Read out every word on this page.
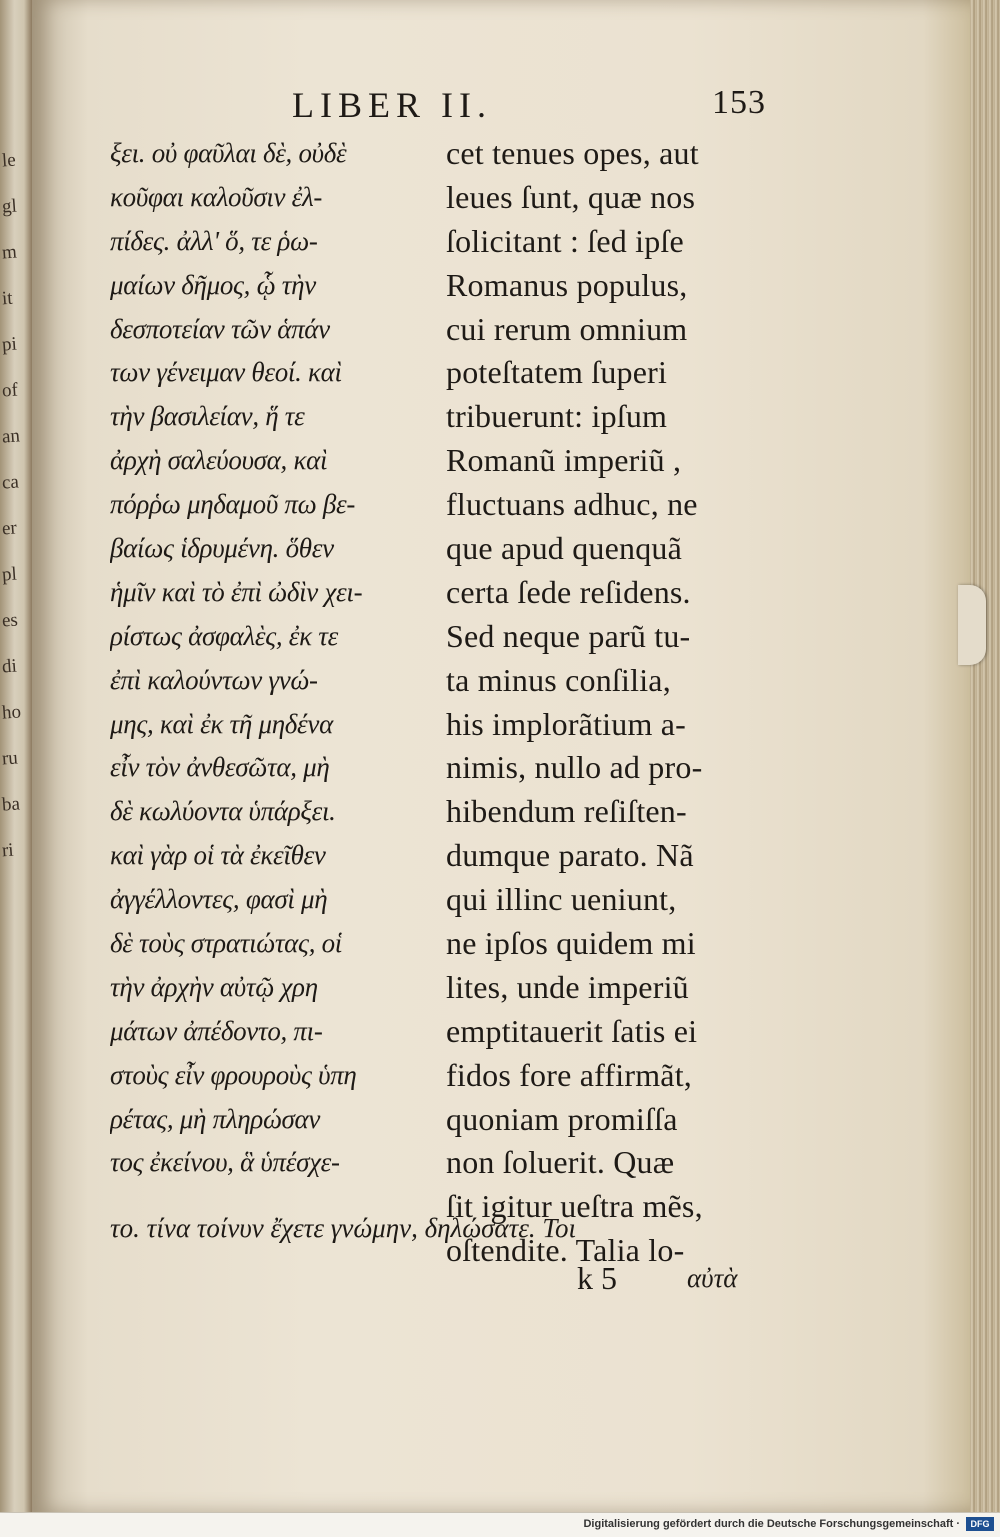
le
gl
m
it
pi
of
an
ca
er
pl
es
di
ho
ru
ba
ri
LIBER II.	153
ξει. οὐ φαῦλαι δὲ, οὐδὲ
κοῦφαι καλοῦσιν ἐλ-
πίδες. ἀλλ' ὅ, τε ῥω-
μαίων δῆμος, ᾧ τὴν
δεσποτείαν τῶν ἁπάν
των γένειμαν θεοί. καὶ
τὴν βασιλείαν, ἥ τε
ἀρχὴ σαλεύουσα, καὶ
πόρῥω μηδαμοῦ πω βε-
βαίως ἱδρυμένη. ὅθεν
ἡμῖν καὶ τὸ ἐπὶ ὠδὶν χει-
ρίστως ἀσφαλὲς, ἐκ τε
ἐπὶ καλούντων γνώ-
μης, καὶ ἐκ τῆ μηδένα
εἶν τὸν ἀνθεσῶτα, μὴ
δὲ κωλύοντα ὑπάρξει.
καὶ γὰρ οἱ τὰ ἐκεῖθεν
ἀγγέλλοντες, φασὶ μὴ
δὲ τοὺς στρατιώτας, οἱ
τὴν ἀρχὴν αὐτῷ χρη
μάτων ἀπέδοντο, πι-
στοὺς εἶν φρουροὺς ὑπη
ρέτας, μὴ πληρώσαν
τος ἐκείνου, ἃ ὑπέσχε-
cet tenues opes, aut
leues ſunt, quæ nos
ſolicitant : ſed ipſe
Romanus populus,
cui rerum omnium
poteſtatem ſuperi
tribuerunt: ipſum
Romanũ imperiũ ,
fluctuans adhuc, ne
que apud quenquã
certa ſede reſidens.
Sed neque parũ tu-
ta minus conſilia,
his implorãtium a-
nimis, nullo ad pro-
hibendum reſiſten-
dumque parato. Nã
qui illinc ueniunt,
ne ipſos quidem mi
lites, unde imperiũ
emptitauerit ſatis ei
fidos fore affirmãt,
quoniam promiſſa
non ſoluerit. Quæ
ſit igitur ueſtra mẽs,
oſtendite. Talia lo-
το. τίνα τοίνυν ἔχετε γνώμην, δηλώσατε. Τοι
k 5	αὐτὰ
Digitalisierung gefördert durch die Deutsche Forschungsgemeinschaft ·	DFG
